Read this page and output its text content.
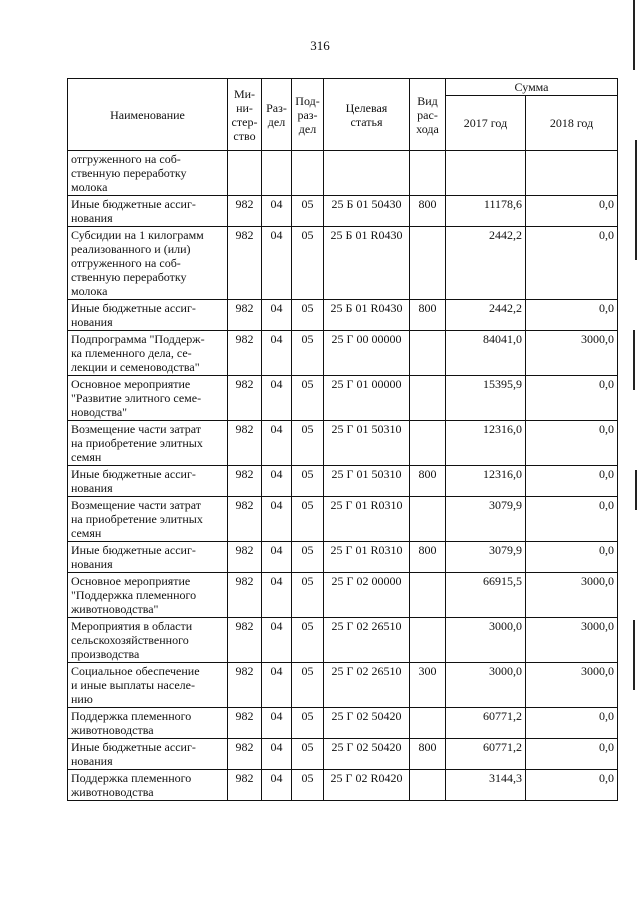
316
Наименование	Ми-
ни-
стер-
ство	Раз-
дел	Под-
раз-
дел	Целевая
статья	Вид
рас-
хода	Сумма	
						2017 год	2018 год
отгруженного на соб-
ственную переработку
молока							
Иные бюджетные ассиг-
нования	982	04	05	25 Б 01 50430	800	11178,6	0,0
Субсидии на 1 килограмм
реализованного и (или)
отгруженного на соб-
ственную переработку
молока	982	04	05	25 Б 01 R0430		2442,2	0,0
Иные бюджетные ассиг-
нования	982	04	05	25 Б 01 R0430	800	2442,2	0,0
Подпрограмма "Поддерж-
ка племенного дела, се-
лекции и семеноводства"	982	04	05	25 Г 00 00000		84041,0	3000,0
Основное мероприятие
"Развитие элитного семе-
новодства"	982	04	05	25 Г 01 00000		15395,9	0,0
Возмещение части затрат
на приобретение элитных
семян	982	04	05	25 Г 01 50310		12316,0	0,0
Иные бюджетные ассиг-
нования	982	04	05	25 Г 01 50310	800	12316,0	0,0
Возмещение части затрат
на приобретение элитных
семян	982	04	05	25 Г 01 R0310		3079,9	0,0
Иные бюджетные ассиг-
нования	982	04	05	25 Г 01 R0310	800	3079,9	0,0
Основное мероприятие
"Поддержка племенного
животноводства"	982	04	05	25 Г 02 00000		66915,5	3000,0
Мероприятия в области
сельскохозяйственного
производства	982	04	05	25 Г 02 26510		3000,0	3000,0
Социальное обеспечение
и иные выплаты населе-
нию	982	04	05	25 Г 02 26510	300	3000,0	3000,0
Поддержка племенного
животноводства	982	04	05	25 Г 02 50420		60771,2	0,0
Иные бюджетные ассиг-
нования	982	04	05	25 Г 02 50420	800	60771,2	0,0
Поддержка племенного
животноводства	982	04	05	25 Г 02 R0420		3144,3	0,0
